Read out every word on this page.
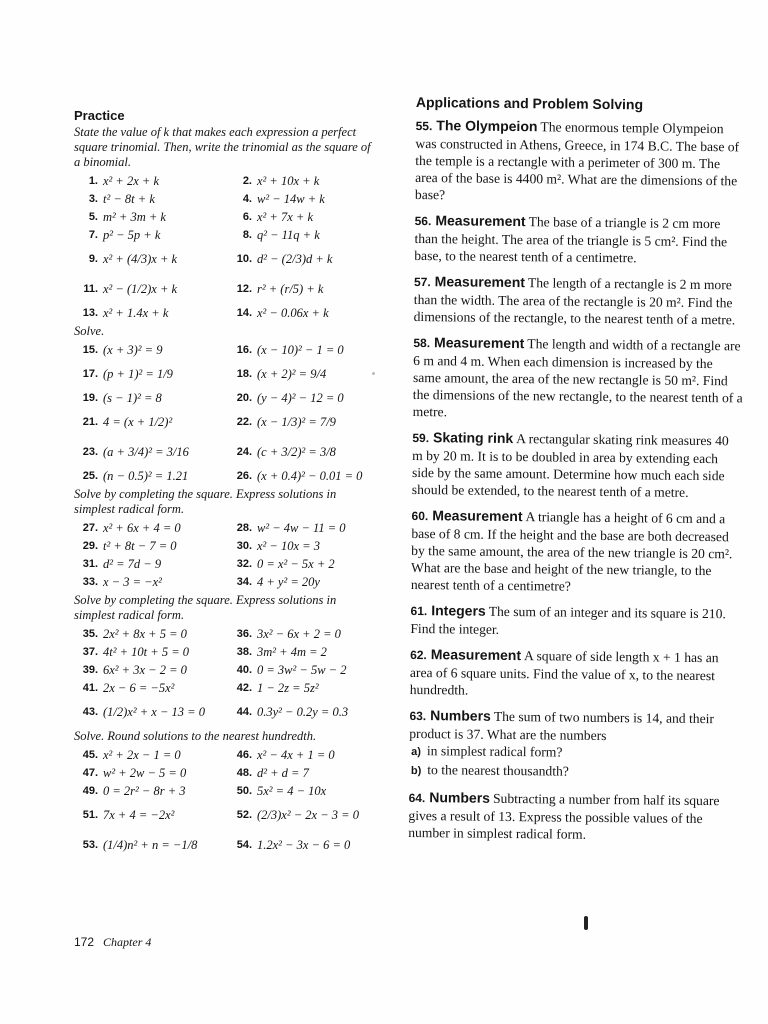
Practice
State the value of k that makes each expression a perfect square trinomial. Then, write the trinomial as the square of a binomial.
1. x² + 2x + k	2. x² + 10x + k
3. t² − 8t + k	4. w² − 14w + k
5. m² + 3m + k	6. x² + 7x + k
7. p² − 5p + k	8. q² − 11q + k
9. x² + (4/3)x + k	10. d² − (2/3)d + k
11. x² − (1/2)x + k	12. r² + (r/5) + k
13. x² + 1.4x + k	14. x² − 0.06x + k
Solve.
15. (x + 3)² = 9	16. (x − 10)² − 1 = 0
17. (p + 1)² = 1/9	18. (x + 2)² = 9/4
19. (s − 1)² = 8	20. (y − 4)² − 12 = 0
21. 4 = (x + 1/2)²	22. (x − 1/3)² = 7/9
23. (a + 3/4)² = 3/16	24. (c + 3/2)² = 3/8
25. (n − 0.5)² = 1.21	26. (x + 0.4)² − 0.01 = 0
Solve by completing the square. Express solutions in simplest radical form.
27. x² + 6x + 4 = 0	28. w² − 4w − 11 = 0
29. t² + 8t − 7 = 0	30. x² − 10x = 3
31. d² = 7d − 9	32. 0 = x² − 5x + 2
33. x − 3 = −x²	34. 4 + y² = 20y
Solve by completing the square. Express solutions in simplest radical form.
35. 2x² + 8x + 5 = 0	36. 3x² − 6x + 2 = 0
37. 4t² + 10t + 5 = 0	38. 3m² + 4m = 2
39. 6x² + 3x − 2 = 0	40. 0 = 3w² − 5w − 2
41. 2x − 6 = −5x²	42. 1 − 2z = 5z²
43. (1/2)x² + x − 13 = 0	44. 0.3y² − 0.2y = 0.3
Solve. Round solutions to the nearest hundredth.
45. x² + 2x − 1 = 0	46. x² − 4x + 1 = 0
47. w² + 2w − 5 = 0	48. d² + d = 7
49. 0 = 2r² − 8r + 3	50. 5x² = 4 − 10x
51. 7x + 4 = −2x²	52. (2/3)x² − 2x − 3 = 0
53. (1/4)n² + n = −1/8	54. 1.2x² − 3x − 6 = 0
Applications and Problem Solving
55. The Olympeion The enormous temple Olympeion was constructed in Athens, Greece, in 174 B.C. The base of the temple is a rectangle with a perimeter of 300 m. The area of the base is 4400 m². What are the dimensions of the base?
56. Measurement The base of a triangle is 2 cm more than the height. The area of the triangle is 5 cm². Find the base, to the nearest tenth of a centimetre.
57. Measurement The length of a rectangle is 2 m more than the width. The area of the rectangle is 20 m². Find the dimensions of the rectangle, to the nearest tenth of a metre.
58. Measurement The length and width of a rectangle are 6 m and 4 m. When each dimension is increased by the same amount, the area of the new rectangle is 50 m². Find the dimensions of the new rectangle, to the nearest tenth of a metre.
59. Skating rink A rectangular skating rink measures 40 m by 20 m. It is to be doubled in area by extending each side by the same amount. Determine how much each side should be extended, to the nearest tenth of a metre.
60. Measurement A triangle has a height of 6 cm and a base of 8 cm. If the height and the base are both decreased by the same amount, the area of the new triangle is 20 cm². What are the base and height of the new triangle, to the nearest tenth of a centimetre?
61. Integers The sum of an integer and its square is 210. Find the integer.
62. Measurement A square of side length x + 1 has an area of 6 square units. Find the value of x, to the nearest hundredth.
63. Numbers The sum of two numbers is 14, and their product is 37. What are the numbers
a) in simplest radical form?
b) to the nearest thousandth?
64. Numbers Subtracting a number from half its square gives a result of 13. Express the possible values of the number in simplest radical form.
172 Chapter 4
